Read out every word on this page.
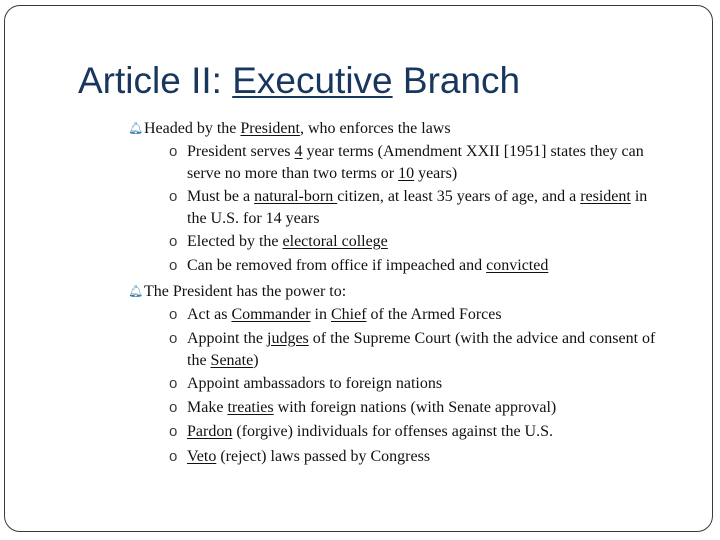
Article II: Executive Branch
🔔︎Headed by the President, who enforces the laws
o President serves 4 year terms (Amendment XXII [1951] states they can serve no more than two terms or 10 years)
o Must be a natural-born citizen, at least 35 years of age, and a resident in the U.S. for 14 years
o Elected by the electoral college
o Can be removed from office if impeached and convicted
🔔︎The President has the power to:
o Act as Commander in Chief of the Armed Forces
o Appoint the judges of the Supreme Court (with the advice and consent of the Senate)
o Appoint ambassadors to foreign nations
o Make treaties with foreign nations (with Senate approval)
o Pardon (forgive) individuals for offenses against the U.S.
o Veto (reject) laws passed by Congress
